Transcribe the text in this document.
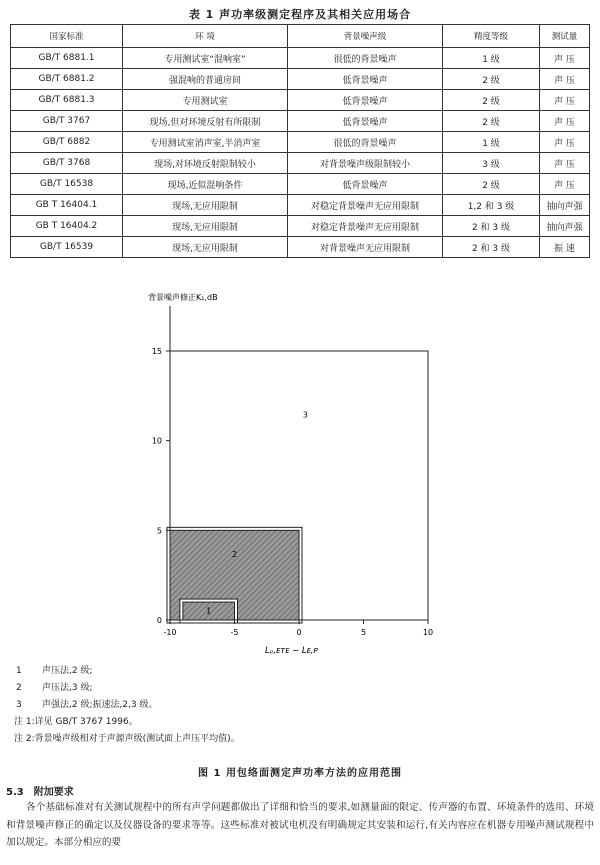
表 1 声功率级测定程序及其相关应用场合
国家标准	环 境	背景噪声级	精度等级	测试量
GB/T 6881.1	专用测试室“混响室”	很低的背景噪声	1 级	声 压
GB/T 6881.2	强混响的普通房间	低背景噪声	2 级	声 压
GB/T 6881.3	专用测试室	低背景噪声	2 级	声 压
GB/T 3767	现场,但对环境反射有所限制	低背景噪声	2 级	声 压
GB/T 6882	专用测试室消声室,半消声室	很低的背景噪声	1 级	声 压
GB/T 3768	现场,对环境反射限制较小	对背景噪声级限制较小	3 级	声 压
GB/T 16538	现场,近似混响条件	低背景噪声	2 级	声 压
GB T 16404.1	现场,无应用限制	对稳定背景噪声无应用限制	1,2 和 3 级	抽向声强
GB T 16404.2	现场,无应用限制	对稳定背景噪声无应用限制	2 和 3 级	抽向声强
GB/T 16539	现场,无应用限制	对背景噪声无应用限制	2 和 3 级	振 速
-10	-5	0	5	10
0
5
10
15
背景噪声修正K₁,dB
Lₚ,ᴇᴛᴇ − Lᴇ,ᴘ
1
2
3
1 声压法,2 级;
2 声压法,3 级;
3 声强法,2 级;振速法,2,3 级。
注 1:详见 GB/T 3767 1996。
注 2:背景噪声级相对于声源声级(测试面上声压平均值)。
图 1 用包络面测定声功率方法的应用范围
5.3 附加要求
各个基础标准对有关测试规程中的所有声学问题都做出了详细和恰当的要求,如测量面的限定、传声器的布置、环境条件的选用、环境和背景噪声修正的确定以及仪器设备的要求等等。这些标准对被试电机没有明确规定其安装和运行,有关内容应在机器专用噪声测试规程中加以规定。本部分相应的要
